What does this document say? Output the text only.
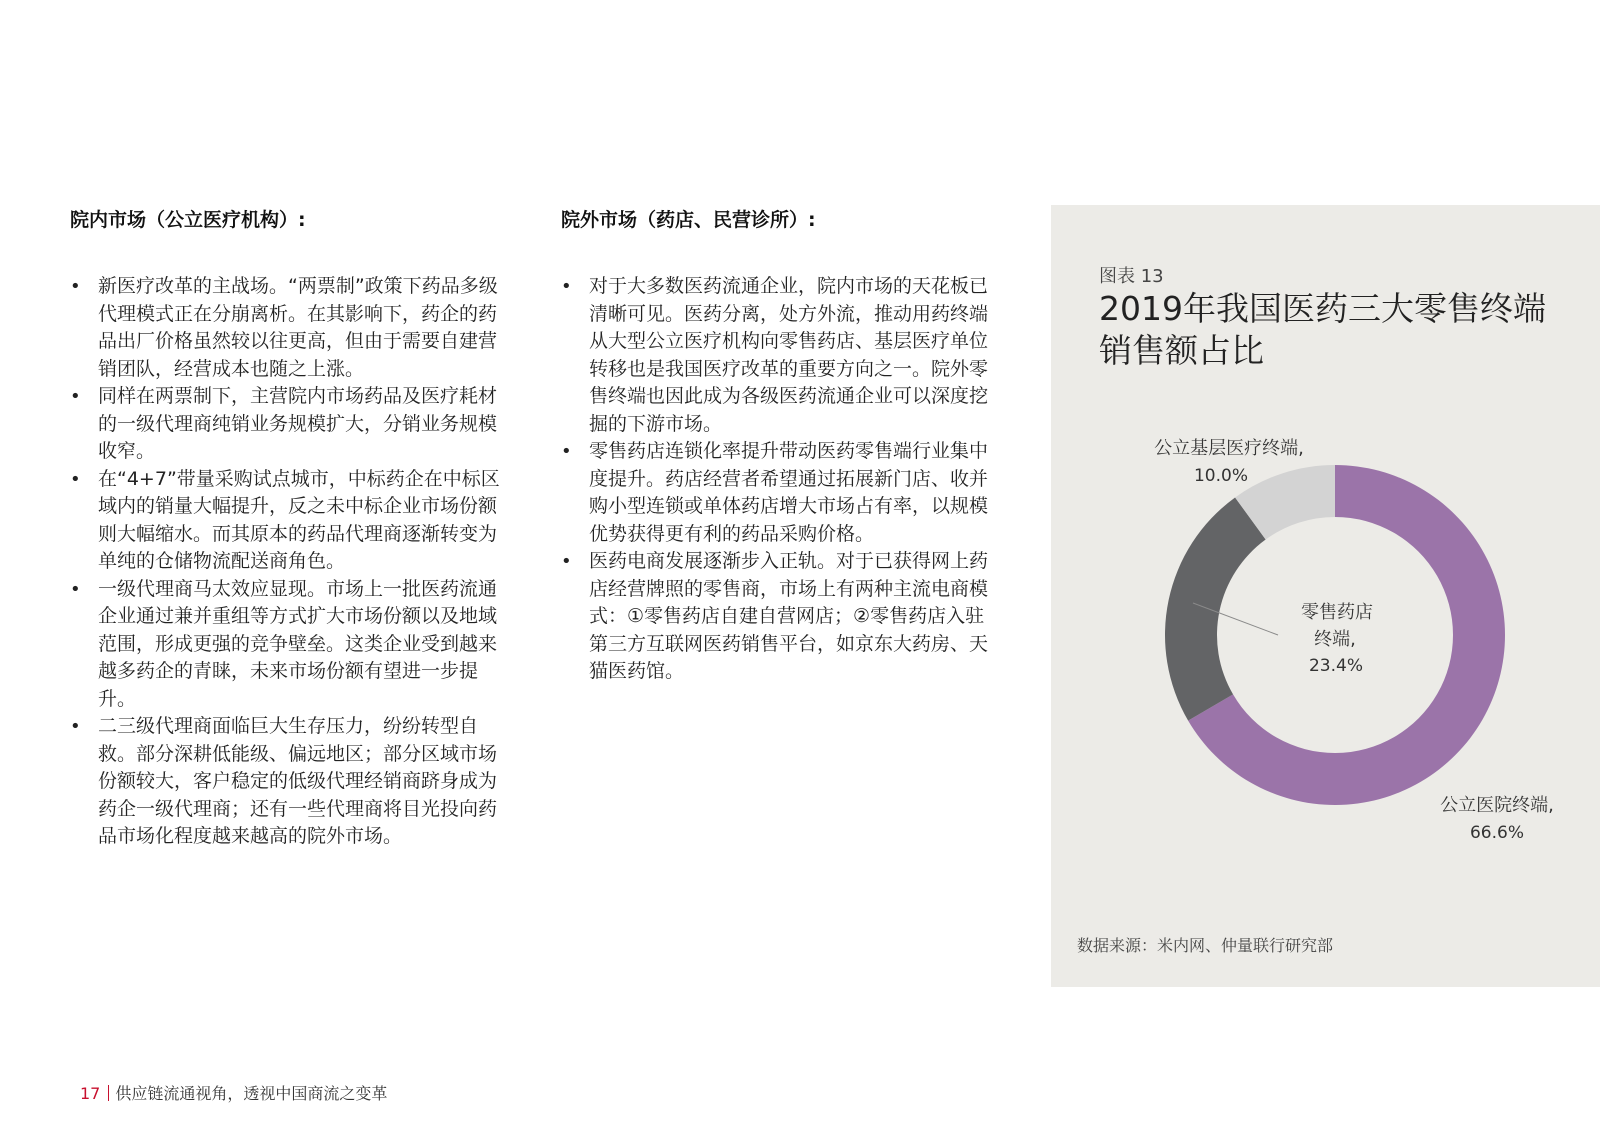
院内市场（公立医疗机构）:
• 新医疗改革的主战场。“两票制”政策下药品多级代理模式正在分崩离析。在其影响下，药企的药品出厂价格虽然较以往更高，但由于需要自建营销团队，经营成本也随之上涨。
• 同样在两票制下，主营院内市场药品及医疗耗材的一级代理商纯销业务规模扩大，分销业务规模收窄。
• 在“4+7”带量采购试点城市，中标药企在中标区域内的销量大幅提升，反之未中标企业市场份额则大幅缩水。而其原本的药品代理商逐渐转变为单纯的仓储物流配送商角色。
• 一级代理商马太效应显现。市场上一批医药流通企业通过兼并重组等方式扩大市场份额以及地域范围，形成更强的竞争壁垒。这类企业受到越来越多药企的青睐，未来市场份额有望进一步提升。
• 二三级代理商面临巨大生存压力，纷纷转型自救。部分深耕低能级、偏远地区；部分区域市场份额较大，客户稳定的低级代理经销商跻身成为药企一级代理商；还有一些代理商将目光投向药品市场化程度越来越高的院外市场。
院外市场（药店、民营诊所）:
• 对于大多数医药流通企业，院内市场的天花板已清晰可见。医药分离，处方外流，推动用药终端从大型公立医疗机构向零售药店、基层医疗单位转移也是我国医疗改革的重要方向之一。院外零售终端也因此成为各级医药流通企业可以深度挖掘的下游市场。
• 零售药店连锁化率提升带动医药零售端行业集中度提升。药店经营者希望通过拓展新门店、收并购小型连锁或单体药店增大市场占有率，以规模优势获得更有利的药品采购价格。
• 医药电商发展逐渐步入正轨。对于已获得网上药店经营牌照的零售商，市场上有两种主流电商模式：①零售药店自建自营网店；②零售药店入驻第三方互联网医药销售平台，如京东大药房、天猫医药馆。
图表 13
2019年我国医药三大零售终端销售额占比
公立基层医疗终端,
10.0%
零售药店
终端,
23.4%
公立医院终端,
66.6%
数据来源：米内网、仲量联行研究部
17 供应链流通视角，透视中国商流之变革
